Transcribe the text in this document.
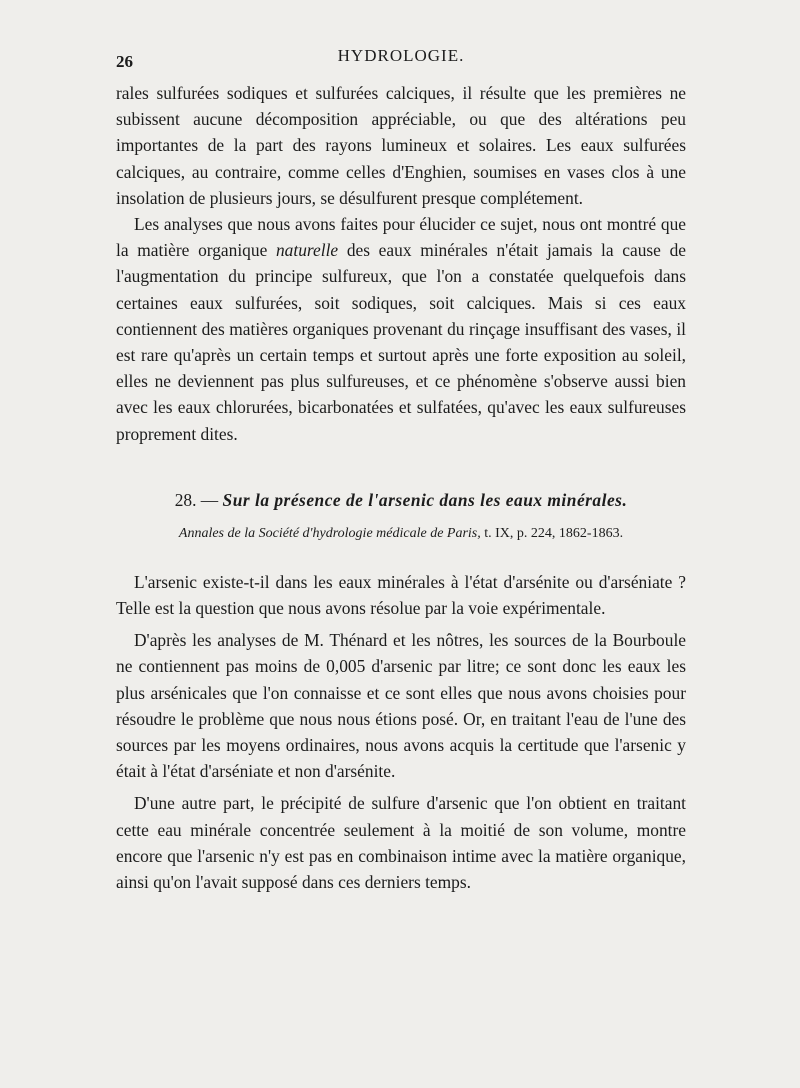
26	HYDROLOGIE.

rales sulfurées sodiques et sulfurées calciques, il résulte que les premières ne subissent aucune décomposition appréciable, ou que des altérations peu importantes de la part des rayons lumineux et solaires. Les eaux sulfurées calciques, au contraire, comme celles d'Enghien, soumises en vases clos à une insolation de plusieurs jours, se désulfurent presque complétement.

Les analyses que nous avons faites pour élucider ce sujet, nous ont montré que la matière organique naturelle des eaux minérales n'était jamais la cause de l'augmentation du principe sulfureux, que l'on a constatée quelquefois dans certaines eaux sulfurées, soit sodiques, soit calciques. Mais si ces eaux contiennent des matières organiques provenant du rinçage insuffisant des vases, il est rare qu'après un certain temps et surtout après une forte exposition au soleil, elles ne deviennent pas plus sulfureuses, et ce phénomène s'observe aussi bien avec les eaux chlorurées, bicarbonatées et sulfatées, qu'avec les eaux sulfureuses proprement dites.

28. — Sur la présence de l'arsenic dans les eaux minérales.
Annales de la Société d'hydrologie médicale de Paris, t. IX, p. 224, 1862-1863.

L'arsenic existe-t-il dans les eaux minérales à l'état d'arsénite ou d'arséniate ? Telle est la question que nous avons résolue par la voie expérimentale.

D'après les analyses de M. Thénard et les nôtres, les sources de la Bourboule ne contiennent pas moins de 0,005 d'arsenic par litre; ce sont donc les eaux les plus arsénicales que l'on connaisse et ce sont elles que nous avons choisies pour résoudre le problème que nous nous étions posé. Or, en traitant l'eau de l'une des sources par les moyens ordinaires, nous avons acquis la certitude que l'arsenic y était à l'état d'arséniate et non d'arsénite.

D'une autre part, le précipité de sulfure d'arsenic que l'on obtient en traitant cette eau minérale concentrée seulement à la moitié de son volume, montre encore que l'arsenic n'y est pas en combinaison intime avec la matière organique, ainsi qu'on l'avait supposé dans ces derniers temps.
